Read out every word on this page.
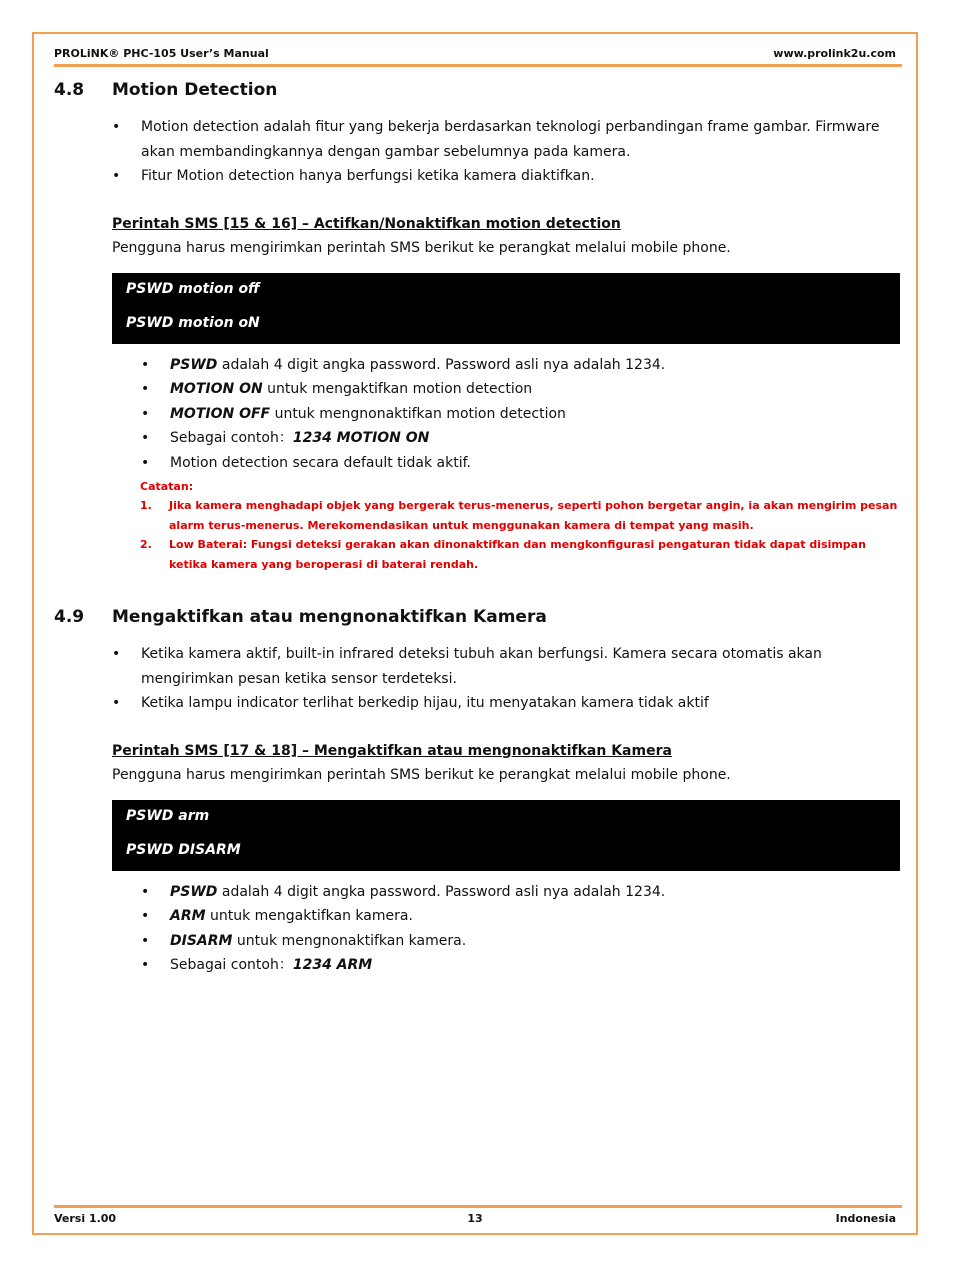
PROLiNK® PHC-105 User’s Manual	www.prolink2u.com
4.8 Motion Detection
•	Motion detection adalah fitur yang bekerja berdasarkan teknologi perbandingan frame gambar. Firmware akan membandingkannya dengan gambar sebelumnya pada kamera.
•	Fitur Motion detection hanya berfungsi ketika kamera diaktifkan.
Perintah SMS [15 & 16] – Actifkan/Nonaktifkan motion detection
Pengguna harus mengirimkan perintah SMS berikut ke perangkat melalui mobile phone.
PSWD motion off
PSWD motion oN
•	PSWD adalah 4 digit angka password. Password asli nya adalah 1234.
•	MOTION ON untuk mengaktifkan motion detection
•	MOTION OFF untuk mengnonaktifkan motion detection
•	Sebagai contoh：1234 MOTION ON
•	Motion detection secara default tidak aktif.
Catatan:
1.	Jika kamera menghadapi objek yang bergerak terus-menerus, seperti pohon bergetar angin, ia akan mengirim pesan alarm terus-menerus. Merekomendasikan untuk menggunakan kamera di tempat yang masih.
2.	Low Baterai: Fungsi deteksi gerakan akan dinonaktifkan dan mengkonfigurasi pengaturan tidak dapat disimpan ketika kamera yang beroperasi di baterai rendah.
4.9 Mengaktifkan atau mengnonaktifkan Kamera
•	Ketika kamera aktif, built-in infrared deteksi tubuh akan berfungsi. Kamera secara otomatis akan mengirimkan pesan ketika sensor terdeteksi.
•	Ketika lampu indicator terlihat berkedip hijau, itu menyatakan kamera tidak aktif
Perintah SMS [17 & 18] – Mengaktifkan atau mengnonaktifkan Kamera
Pengguna harus mengirimkan perintah SMS berikut ke perangkat melalui mobile phone.
PSWD arm
PSWD DISARM
•	PSWD adalah 4 digit angka password. Password asli nya adalah 1234.
•	ARM untuk mengaktifkan kamera.
•	DISARM untuk mengnonaktifkan kamera.
•	Sebagai contoh：1234 ARM
Versi 1.00	13	Indonesia
